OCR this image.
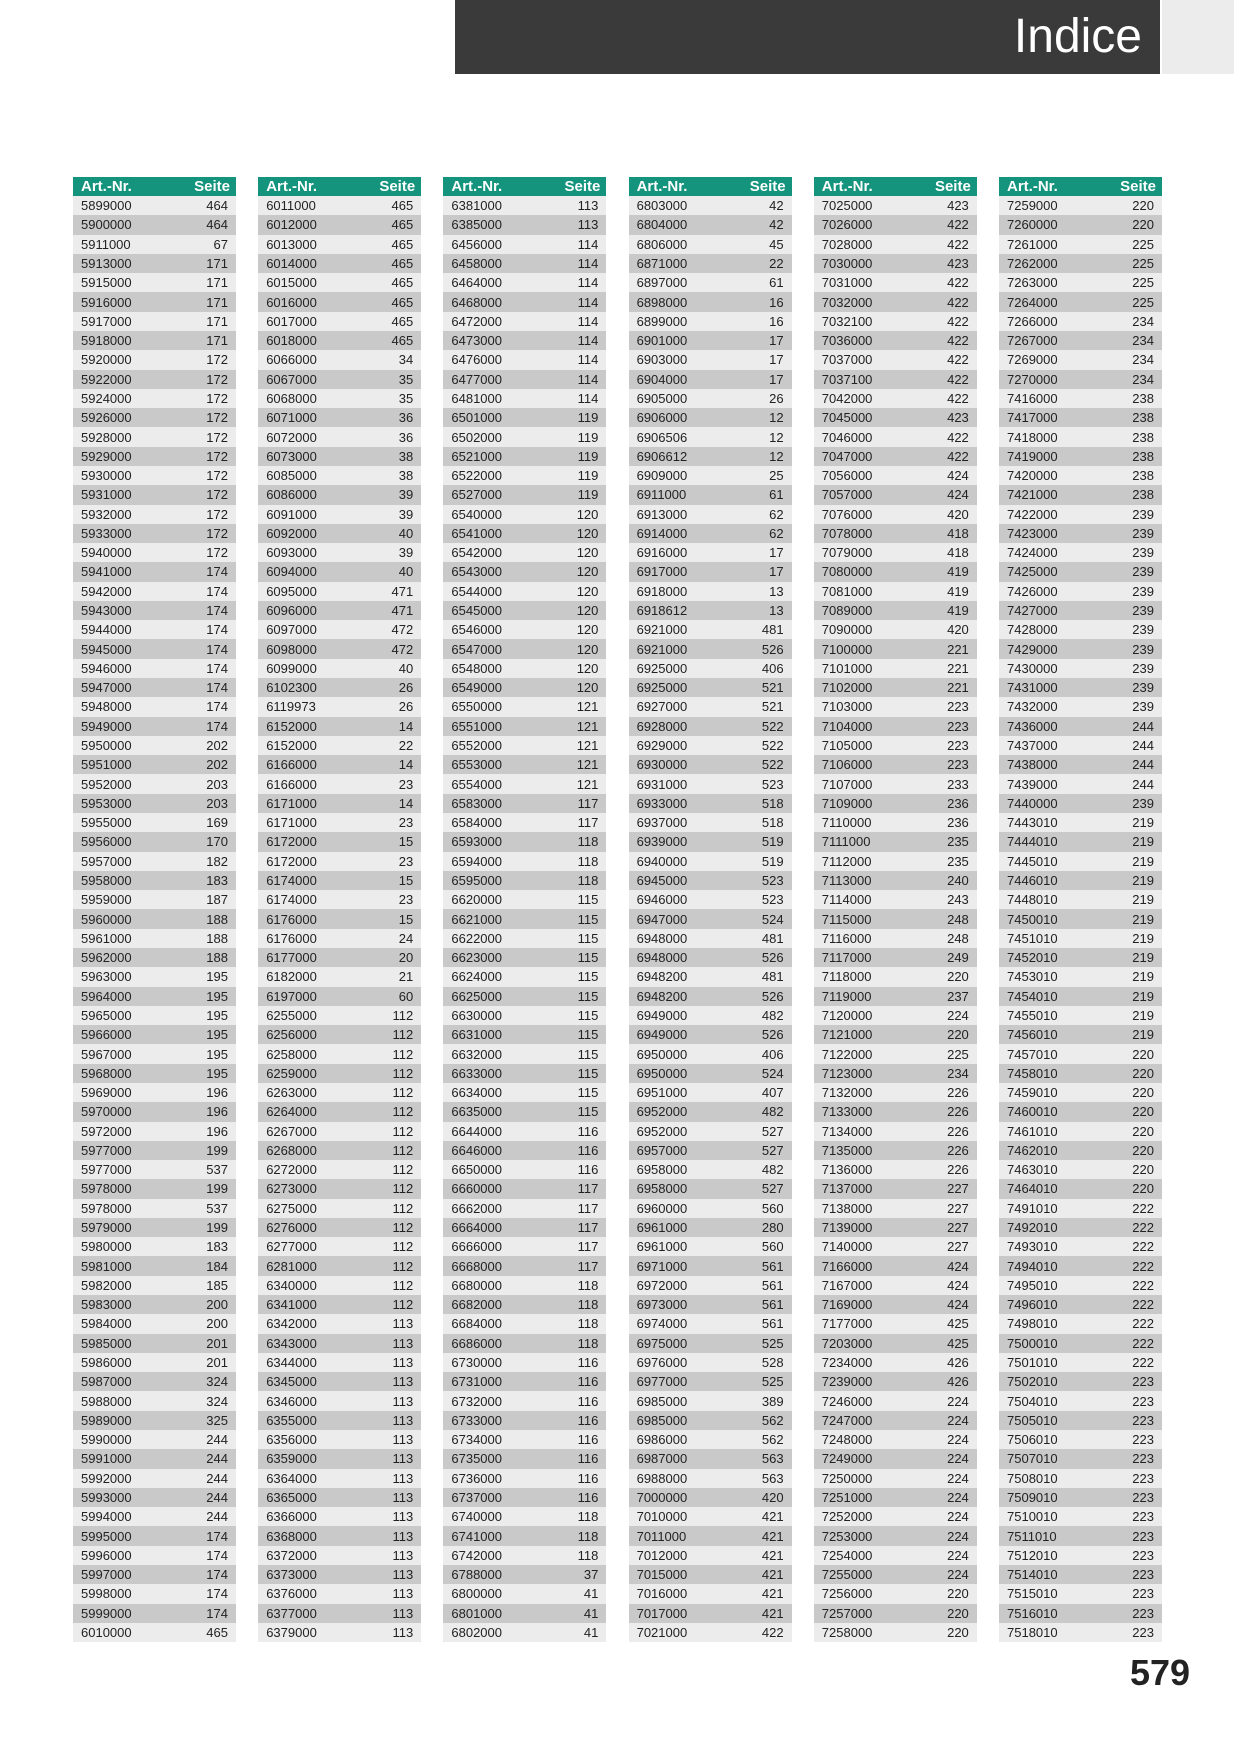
Indice
Art.-Nr.	Seite
5899000	464
5900000	464
5911000	67
5913000	171
5915000	171
5916000	171
5917000	171
5918000	171
5920000	172
5922000	172
5924000	172
5926000	172
5928000	172
5929000	172
5930000	172
5931000	172
5932000	172
5933000	172
5940000	172
5941000	174
5942000	174
5943000	174
5944000	174
5945000	174
5946000	174
5947000	174
5948000	174
5949000	174
5950000	202
5951000	202
5952000	203
5953000	203
5955000	169
5956000	170
5957000	182
5958000	183
5959000	187
5960000	188
5961000	188
5962000	188
5963000	195
5964000	195
5965000	195
5966000	195
5967000	195
5968000	195
5969000	196
5970000	196
5972000	196
5977000	199
5977000	537
5978000	199
5978000	537
5979000	199
5980000	183
5981000	184
5982000	185
5983000	200
5984000	200
5985000	201
5986000	201
5987000	324
5988000	324
5989000	325
5990000	244
5991000	244
5992000	244
5993000	244
5994000	244
5995000	174
5996000	174
5997000	174
5998000	174
5999000	174
6010000	465
Art.-Nr.	Seite
6011000	465
6012000	465
6013000	465
6014000	465
6015000	465
6016000	465
6017000	465
6018000	465
6066000	34
6067000	35
6068000	35
6071000	36
6072000	36
6073000	38
6085000	38
6086000	39
6091000	39
6092000	40
6093000	39
6094000	40
6095000	471
6096000	471
6097000	472
6098000	472
6099000	40
6102300	26
6119973	26
6152000	14
6152000	22
6166000	14
6166000	23
6171000	14
6171000	23
6172000	15
6172000	23
6174000	15
6174000	23
6176000	15
6176000	24
6177000	20
6182000	21
6197000	60
6255000	112
6256000	112
6258000	112
6259000	112
6263000	112
6264000	112
6267000	112
6268000	112
6272000	112
6273000	112
6275000	112
6276000	112
6277000	112
6281000	112
6340000	112
6341000	112
6342000	113
6343000	113
6344000	113
6345000	113
6346000	113
6355000	113
6356000	113
6359000	113
6364000	113
6365000	113
6366000	113
6368000	113
6372000	113
6373000	113
6376000	113
6377000	113
6379000	113
Art.-Nr.	Seite
6381000	113
6385000	113
6456000	114
6458000	114
6464000	114
6468000	114
6472000	114
6473000	114
6476000	114
6477000	114
6481000	114
6501000	119
6502000	119
6521000	119
6522000	119
6527000	119
6540000	120
6541000	120
6542000	120
6543000	120
6544000	120
6545000	120
6546000	120
6547000	120
6548000	120
6549000	120
6550000	121
6551000	121
6552000	121
6553000	121
6554000	121
6583000	117
6584000	117
6593000	118
6594000	118
6595000	118
6620000	115
6621000	115
6622000	115
6623000	115
6624000	115
6625000	115
6630000	115
6631000	115
6632000	115
6633000	115
6634000	115
6635000	115
6644000	116
6646000	116
6650000	116
6660000	117
6662000	117
6664000	117
6666000	117
6668000	117
6680000	118
6682000	118
6684000	118
6686000	118
6730000	116
6731000	116
6732000	116
6733000	116
6734000	116
6735000	116
6736000	116
6737000	116
6740000	118
6741000	118
6742000	118
6788000	37
6800000	41
6801000	41
6802000	41
Art.-Nr.	Seite
6803000	42
6804000	42
6806000	45
6871000	22
6897000	61
6898000	16
6899000	16
6901000	17
6903000	17
6904000	17
6905000	26
6906000	12
6906506	12
6906612	12
6909000	25
6911000	61
6913000	62
6914000	62
6916000	17
6917000	17
6918000	13
6918612	13
6921000	481
6921000	526
6925000	406
6925000	521
6927000	521
6928000	522
6929000	522
6930000	522
6931000	523
6933000	518
6937000	518
6939000	519
6940000	519
6945000	523
6946000	523
6947000	524
6948000	481
6948000	526
6948200	481
6948200	526
6949000	482
6949000	526
6950000	406
6950000	524
6951000	407
6952000	482
6952000	527
6957000	527
6958000	482
6958000	527
6960000	560
6961000	280
6961000	560
6971000	561
6972000	561
6973000	561
6974000	561
6975000	525
6976000	528
6977000	525
6985000	389
6985000	562
6986000	562
6987000	563
6988000	563
7000000	420
7010000	421
7011000	421
7012000	421
7015000	421
7016000	421
7017000	421
7021000	422
Art.-Nr.	Seite
7025000	423
7026000	422
7028000	422
7030000	423
7031000	422
7032000	422
7032100	422
7036000	422
7037000	422
7037100	422
7042000	422
7045000	423
7046000	422
7047000	422
7056000	424
7057000	424
7076000	420
7078000	418
7079000	418
7080000	419
7081000	419
7089000	419
7090000	420
7100000	221
7101000	221
7102000	221
7103000	223
7104000	223
7105000	223
7106000	223
7107000	233
7109000	236
7110000	236
7111000	235
7112000	235
7113000	240
7114000	243
7115000	248
7116000	248
7117000	249
7118000	220
7119000	237
7120000	224
7121000	220
7122000	225
7123000	234
7132000	226
7133000	226
7134000	226
7135000	226
7136000	226
7137000	227
7138000	227
7139000	227
7140000	227
7166000	424
7167000	424
7169000	424
7177000	425
7203000	425
7234000	426
7239000	426
7246000	224
7247000	224
7248000	224
7249000	224
7250000	224
7251000	224
7252000	224
7253000	224
7254000	224
7255000	224
7256000	220
7257000	220
7258000	220
Art.-Nr.	Seite
7259000	220
7260000	220
7261000	225
7262000	225
7263000	225
7264000	225
7266000	234
7267000	234
7269000	234
7270000	234
7416000	238
7417000	238
7418000	238
7419000	238
7420000	238
7421000	238
7422000	239
7423000	239
7424000	239
7425000	239
7426000	239
7427000	239
7428000	239
7429000	239
7430000	239
7431000	239
7432000	239
7436000	244
7437000	244
7438000	244
7439000	244
7440000	239
7443010	219
7444010	219
7445010	219
7446010	219
7448010	219
7450010	219
7451010	219
7452010	219
7453010	219
7454010	219
7455010	219
7456010	219
7457010	220
7458010	220
7459010	220
7460010	220
7461010	220
7462010	220
7463010	220
7464010	220
7491010	222
7492010	222
7493010	222
7494010	222
7495010	222
7496010	222
7498010	222
7500010	222
7501010	222
7502010	223
7504010	223
7505010	223
7506010	223
7507010	223
7508010	223
7509010	223
7510010	223
7511010	223
7512010	223
7514010	223
7515010	223
7516010	223
7518010	223
579
